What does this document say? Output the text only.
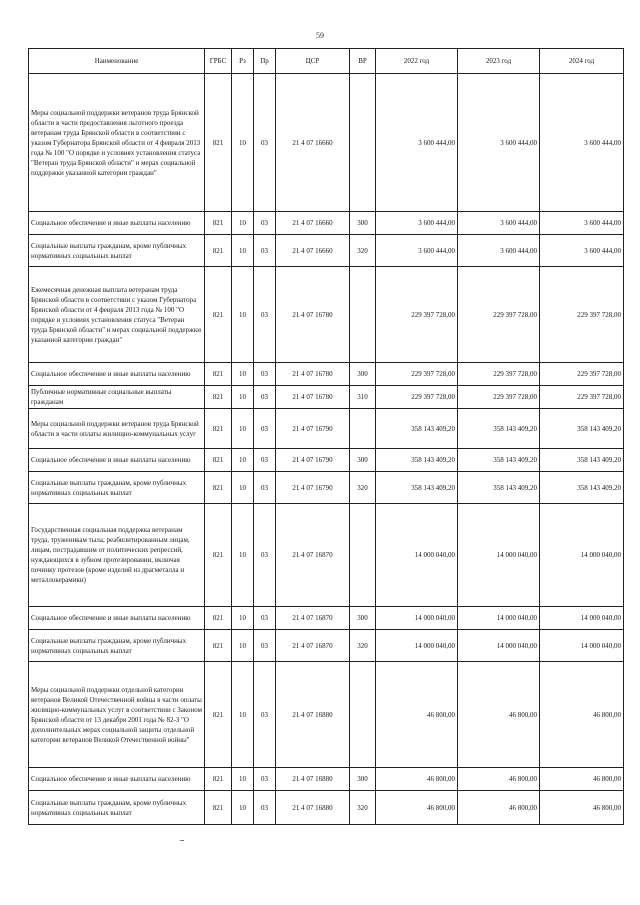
59
Наименование	ГРБС	Рз	Пр	ЦСР	ВР	2022 год	2023 год	2024 год
Меры социальной поддержки ветеранов труда Брянской области в части предоставления льготного проезда ветеранам труда Брянской области в соответствии с указом Губернатора Брянской области от 4 февраля 2013 года № 100 "О порядке и условиях установления статуса "Ветеран труда Брянской области" и мерах социальной поддержки указанной категории граждан"	821	10	03	21 4 07 16660		3 600 444,00	3 600 444,00	3 600 444,00
Социальное обеспечение и иные выплаты населению	821	10	03	21 4 07 16660	300	3 600 444,00	3 600 444,00	3 600 444,00
Социальные выплаты гражданам, кроме публичных нормативных социальных выплат	821	10	03	21 4 07 16660	320	3 600 444,00	3 600 444,00	3 600 444,00
Ежемесячная денежная выплата ветеранам труда Брянской области в соответствии с указом Губернатора Брянской области от 4 февраля 2013 года № 100 "О порядке и условиях установления статуса "Ветеран труда Брянской области" и мерах социальной поддержки указанной категории граждан"	821	10	03	21 4 07 16780		229 397 728,00	229 397 728,00	229 397 728,00
Социальное обеспечение и иные выплаты населению	821	10	03	21 4 07 16780	300	229 397 728,00	229 397 728,00	229 397 728,00
Публичные нормативные социальные выплаты гражданам	821	10	03	21 4 07 16780	310	229 397 728,00	229 397 728,00	229 397 728,00
Меры социальной поддержки ветеранов труда Брянской области в части оплаты жилищно-коммунальных услуг	821	10	03	21 4 07 16790		358 143 409,20	358 143 409,20	358 143 409,20
Социальное обеспечение и иные выплаты населению	821	10	03	21 4 07 16790	300	358 143 409,20	358 143 409,20	358 143 409,20
Социальные выплаты гражданам, кроме публичных нормативных социальных выплат	821	10	03	21 4 07 16790	320	358 143 409,20	358 143 409,20	358 143 409,20
Государственная социальная поддержка ветеранам труда, труженикам тыла, реабилитированным лицам, лицам, пострадавшим от политических репрессий, нуждающихся в зубном протезировании, включая починку протезов (кроме изделий из драгметалла и металлокерамики)	821	10	03	21 4 07 16870		14 000 040,00	14 000 040,00	14 000 040,00
Социальное обеспечение и иные выплаты населению	821	10	03	21 4 07 16870	300	14 000 040,00	14 000 040,00	14 000 040,00
Социальные выплаты гражданам, кроме публичных нормативных социальных выплат	821	10	03	21 4 07 16870	320	14 000 040,00	14 000 040,00	14 000 040,00
Меры социальной поддержки отдельной категории ветеранов Великой Отечественной войны в части оплаты жилищно-коммунальных услуг в соответствии с Законом Брянской области от 13 декабря 2001 года № 82-З "О дополнительных мерах социальной защиты отдельной категории ветеранов Великой Отечественной войны"	821	10	03	21 4 07 16880		46 800,00	46 800,00	46 800,00
Социальное обеспечение и иные выплаты населению	821	10	03	21 4 07 16880	300	46 800,00	46 800,00	46 800,00
Социальные выплаты гражданам, кроме публичных нормативных социальных выплат	821	10	03	21 4 07 16880	320	46 800,00	46 800,00	46 800,00
